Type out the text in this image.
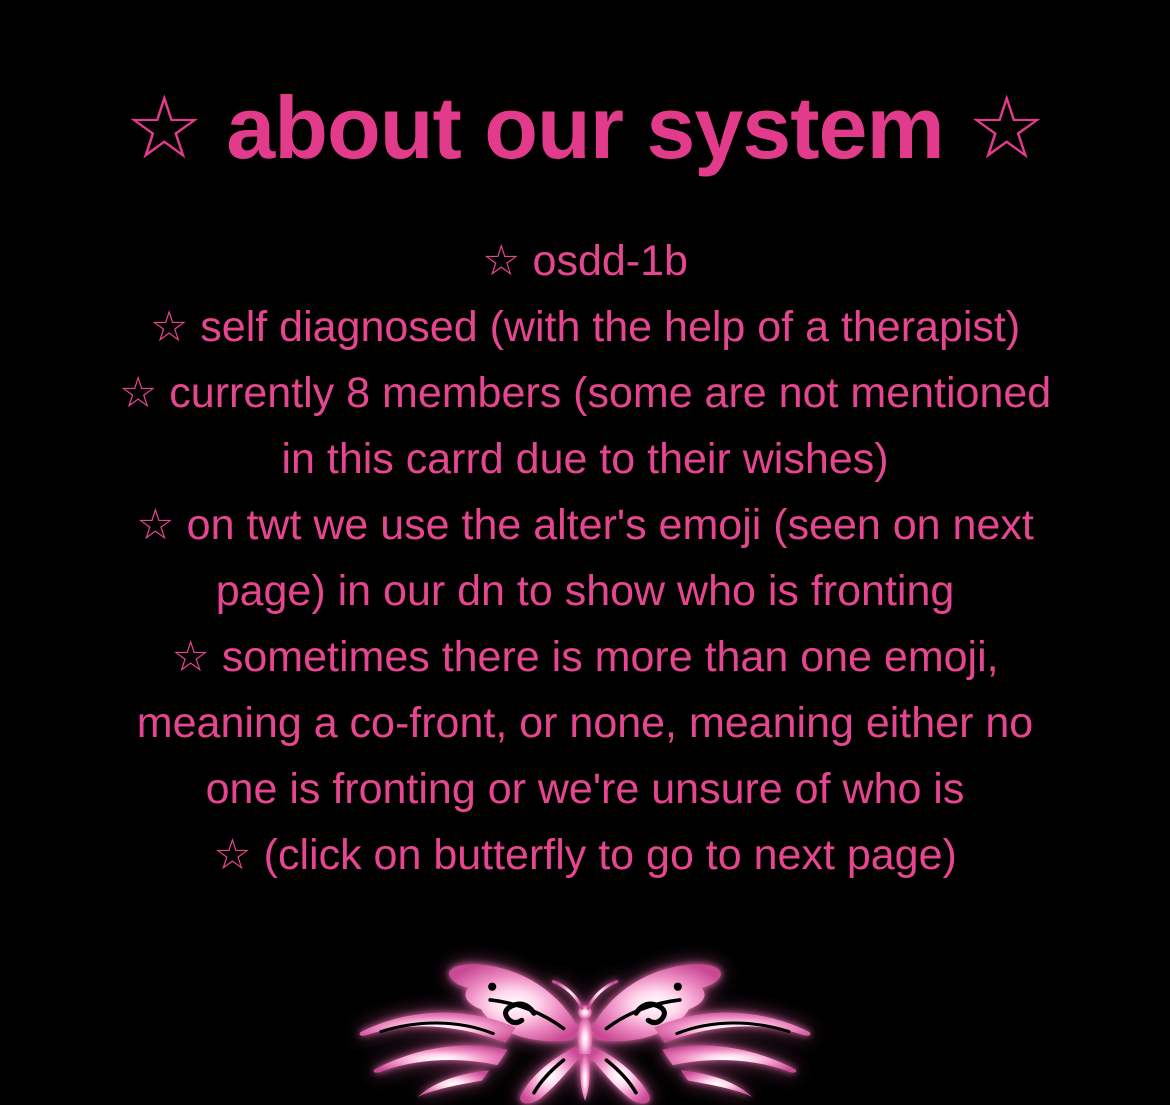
☆ about our system ☆
☆ osdd-1b
☆ self diagnosed (with the help of a therapist)
☆ currently 8 members (some are not mentioned
in this carrd due to their wishes)
☆ on twt we use the alter's emoji (seen on next
page) in our dn to show who is fronting
☆ sometimes there is more than one emoji,
meaning a co-front, or none, meaning either no
one is fronting or we're unsure of who is
☆ (click on butterfly to go to next page)
